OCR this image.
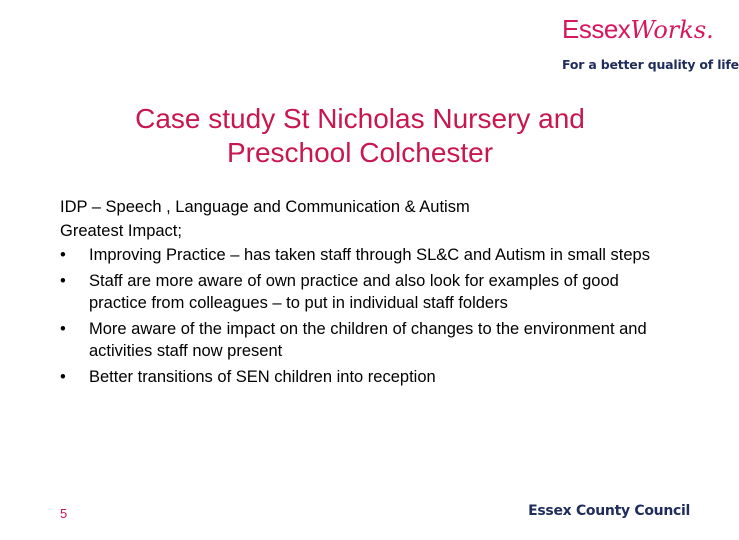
EssexWorks.
For a better quality of life
Case study St Nicholas Nursery and
Preschool Colchester

IDP – Speech , Language and Communication & Autism

Greatest Impact;

• Improving Practice – has taken staff through SL&C and Autism in small steps
• Staff are more aware of own practice and also look for examples of good practice from colleagues – to put in individual staff folders
• More aware of the impact on the children of changes to the environment and activities staff now present
• Better transitions of SEN children into reception
5	Essex County Council
